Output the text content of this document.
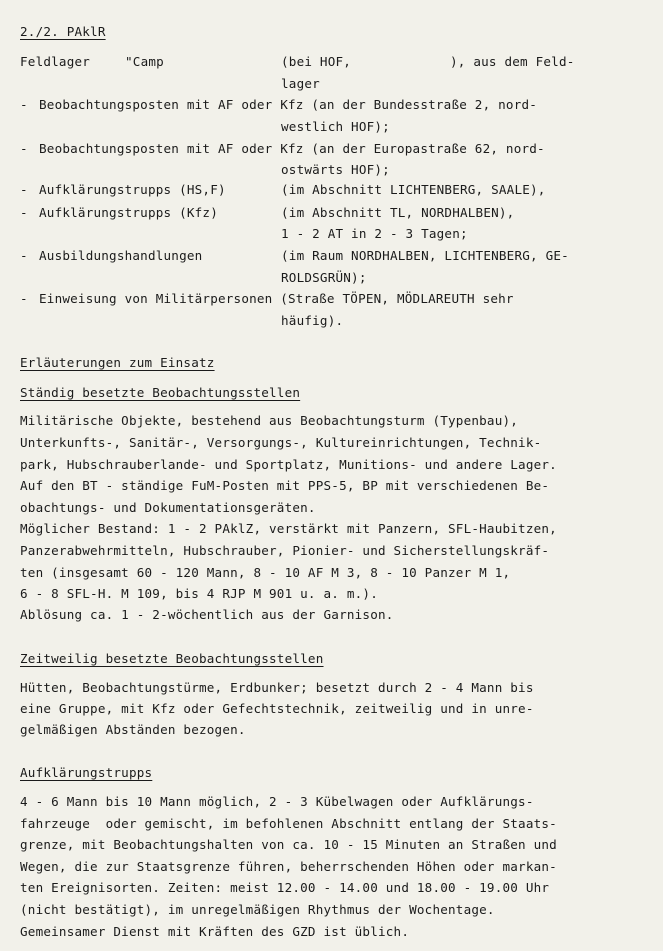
2./2. PAklR
Feldlager	"Camp	(bei HOF,	), aus dem Feld-
lager
- Beobachtungsposten mit AF oder Kfz (an der Bundesstraße 2, nord-
westlich HOF);
- Beobachtungsposten mit AF oder Kfz (an der Europastraße 62, nord-
ostwärts HOF);
- Aufklärungstrupps (HS,F)	(im Abschnitt LICHTENBERG, SAALE),
- Aufklärungstrupps (Kfz)	(im Abschnitt TL, NORDHALBEN),
1 - 2 AT in 2 - 3 Tagen;
- Ausbildungshandlungen	(im Raum NORDHALBEN, LICHTENBERG, GE-
ROLDSGRÜN);
- Einweisung von Militärpersonen (Straße TÖPEN, MÖDLAREUTH sehr
häufig).
Erläuterungen zum Einsatz
Ständig besetzte Beobachtungsstellen
Militärische Objekte, bestehend aus Beobachtungsturm (Typenbau),
Unterkunfts-, Sanitär-, Versorgungs-, Kultureinrichtungen, Technik-
park, Hubschrauberlande- und Sportplatz, Munitions- und andere Lager.
Auf den BT - ständige FuM-Posten mit PPS-5, BP mit verschiedenen Be-
obachtungs- und Dokumentationsgeräten.
Möglicher Bestand: 1 - 2 PAklZ, verstärkt mit Panzern, SFL-Haubitzen,
Panzerabwehrmitteln, Hubschrauber, Pionier- und Sicherstellungskräf-
ten (insgesamt 60 - 120 Mann, 8 - 10 AF M 3, 8 - 10 Panzer M 1,
6 - 8 SFL-H. M 109, bis 4 RJP M 901 u. a. m.).
Ablösung ca. 1 - 2-wöchentlich aus der Garnison.
Zeitweilig besetzte Beobachtungsstellen
Hütten, Beobachtungstürme, Erdbunker; besetzt durch 2 - 4 Mann bis
eine Gruppe, mit Kfz oder Gefechtstechnik, zeitweilig und in unre-
gelmäßigen Abständen bezogen.
Aufklärungstrupps
4 - 6 Mann bis 10 Mann möglich, 2 - 3 Kübelwagen oder Aufklärungs-
fahrzeuge  oder gemischt, im befohlenen Abschnitt entlang der Staats-
grenze, mit Beobachtungshalten von ca. 10 - 15 Minuten an Straßen und
Wegen, die zur Staatsgrenze führen, beherrschenden Höhen oder markan-
ten Ereignisorten. Zeiten: meist 12.00 - 14.00 und 18.00 - 19.00 Uhr
(nicht bestätigt), im unregelmäßigen Rhythmus der Wochentage.
Gemeinsamer Dienst mit Kräften des GZD ist üblich.
